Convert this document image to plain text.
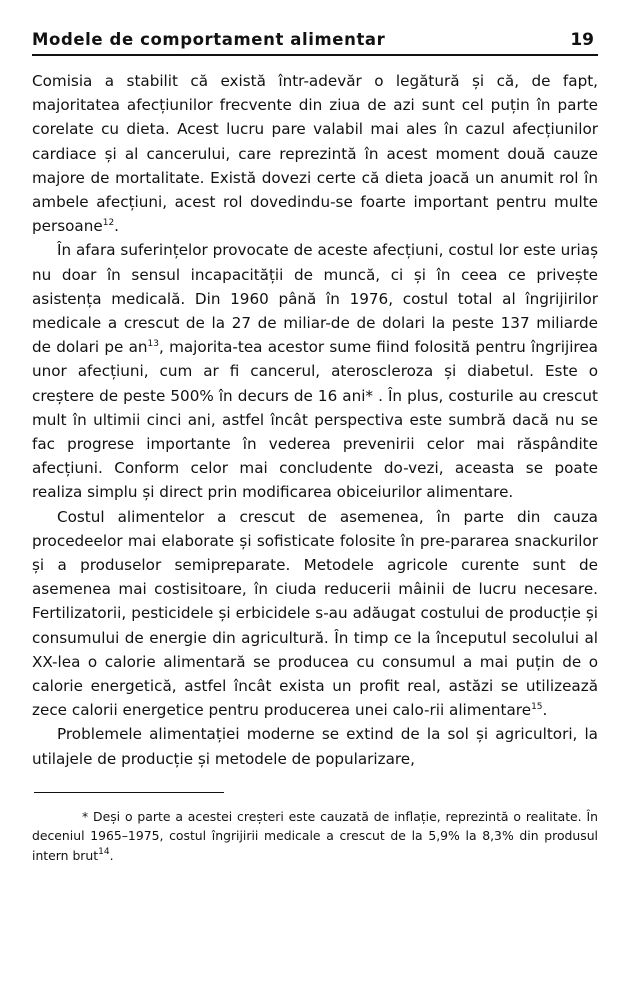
Modele de comportament alimentar	19

Comisia a stabilit că există într-adevăr o legătură și că, de fapt, majoritatea afecțiunilor frecvente din ziua de azi sunt cel puțin în parte corelate cu dieta. Acest lucru pare valabil mai ales în cazul afecțiunilor cardiace și al cancerului, care reprezintă în acest moment două cauze majore de mortalitate. Există dovezi certe că dieta joacă un anumit rol în ambele afecțiuni, acest rol dovedindu-se foarte important pentru multe persoane$^{12}$.

În afara suferințelor provocate de aceste afecțiuni, costul lor este uriaș nu doar în sensul incapacității de muncă, ci și în ceea ce privește asistența medicală. Din 1960 până în 1976, costul total al îngrijirilor medicale a crescut de la 27 de miliar-de de dolari la peste 137 miliarde de dolari pe $an^{13}$, majorita-tea acestor sume fiind folosită pentru îngrijirea unor afecțiuni, cum ar fi cancerul, ateroscleroza și diabetul. Este o creștere de peste 500% în decurs de 16 ani* . În plus, costurile au crescut mult în ultimii cinci ani, astfel încât perspectiva este sumbră dacă nu se fac progrese importante în vederea prevenirii celor mai răspândite afecțiuni. Conform celor mai concludente do-vezi, aceasta se poate realiza simplu și direct prin modificarea obiceiurilor alimentare.

Costul alimentelor a crescut de asemenea, în parte din cauza procedeelor mai elaborate și sofisticate folosite în pre-pararea snackurilor și a produselor semipreparate. Metodele agricole curente sunt de asemenea mai costisitoare, în ciuda reducerii mâinii de lucru necesare. Fertilizatorii, pesticidele și erbicidele s-au adăugat costului de producție și consumului de energie din agricultură. În timp ce la începutul secolului al XX-lea o calorie alimentară se producea cu consumul a mai puțin de o calorie energetică, astfel încât exista un profit real, astăzi se utilizează zece calorii energetice pentru producerea unei calo-rii alimentare$^{15}$.

Problemele alimentației moderne se extind de la sol și agricultori, la utilajele de producție și metodele de popularizare,

* Deși o parte a acestei creșteri este cauzată de inflație, reprezintă o realitate. În deceniul 1965–1975, costul îngrijirii medicale a crescut de la 5,9% la 8,3% din produsul intern brut$^{14}$.
